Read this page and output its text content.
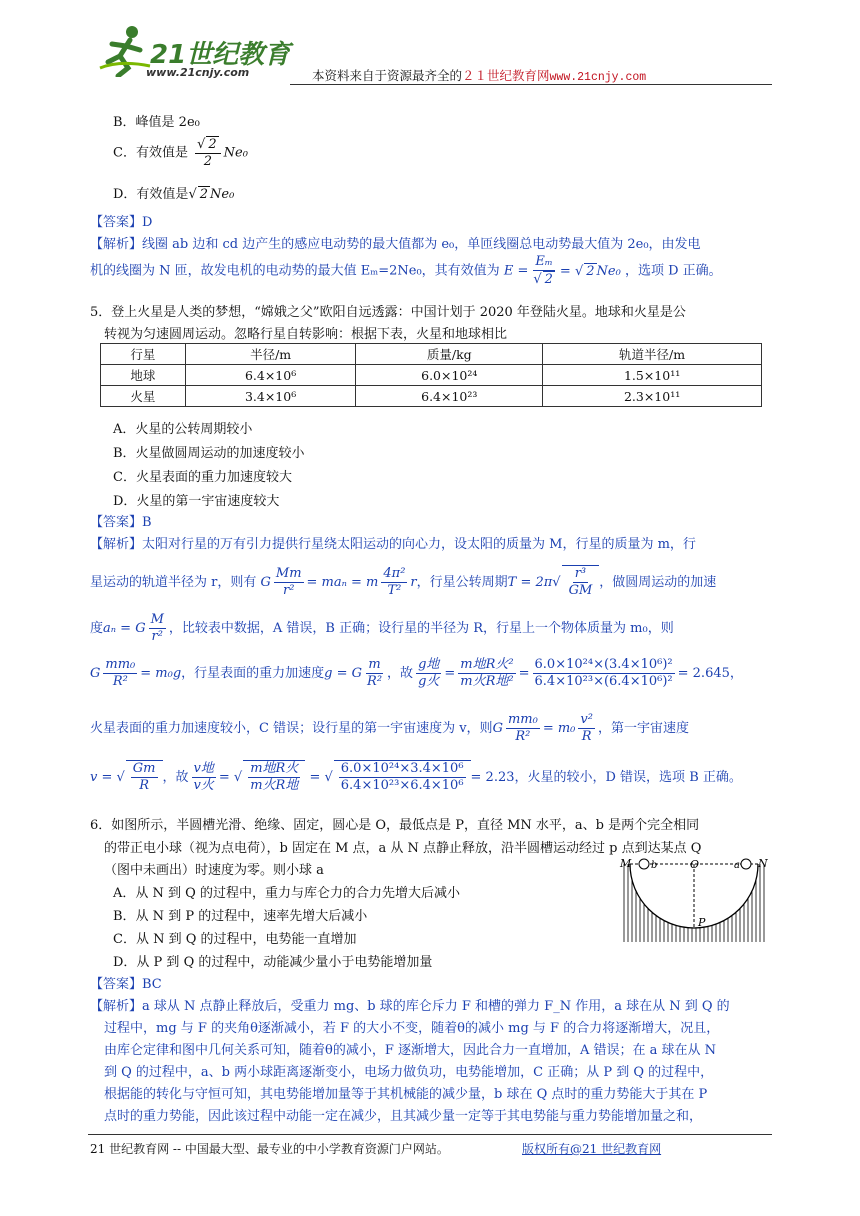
21世纪教育
www.21cnjy.com	本资料来自于资源最齐全的２１世纪教育网www.21cnjy.com
B．峰值是 2e₀
C．有效值是 $\frac{√ 2}{2} Ne_0$
D．有效值是√ 2 Ne₀
【答案】D
【解析】线圈 ab 边和 cd 边产生的感应电动势的最大值都为 e₀，单匝线圈总电动势最大值为 2e₀，由发电
机的线圈为 N 匝，故发电机的电动势的最大值 Eₘ=2Ne₀，其有效值为 $E = \frac{\text{Eₘ}}{√ 2}$ = √ 2 Ne₀ ，选项 D 正确。
5．登上火星是人类的梦想，“嫦娥之父”欧阳自远透露：中国计划于 2020 年登陆火星。地球和火星是公
转视为匀速圆周运动。忽略行星自转影响：根据下表，火星和地球相比
行星	半径/m	质量/kg	轨道半径/m
地球	6.4×10⁶	6.0×10²⁴	1.5×10¹¹
火星	3.4×10⁶	6.4×10²³	2.3×10¹¹
A．火星的公转周期较小
B．火星做圆周运动的加速度较小
C．火星表面的重力加速度较大
D．火星的第一宇宙速度较大
【答案】B
【解析】太阳对行星的万有引力提供行星绕太阳运动的向心力，设太阳的质量为 M，行星的质量为 m，行
星运动的轨道半径为 r，则有 G $\frac{Mm}{\text{r²}} = ma_n = m \frac{\text{4π²}}{\text{T²}}$ r，行星公转周期$T = 2\pi√ \frac{\text{r³}}{GM}$ ，做圆周运动的加速
度aₙ = G $\frac{M}{\text{r²}}$ ，比较表中数据，A 错误，B 正确；设行星的半径为 R，行星上一个物体质量为 m₀，则
G $\frac{\text{mm₀}}{\text{R²}} = m_0g$，行星表面的重力加速度g = G $\frac{m}{\text{R²}}$ ，故 $\frac{\text{g地}}{\text{g火}} = \frac{\text{m地R火²}}{\text{m火R地²}} = \frac{\text{6.0×10²⁴×(3.4×10⁶)²}}{\text{6.4×10²³×(6.4×10⁶)²}} = 2.645$，
火星表面的重力加速度较小，C 错误；设行星的第一宇宙速度为 v，则G $\frac{\text{mm₀}}{\text{R²}} = m_0 \frac{\text{v²}}{R}$ ，第一宇宙速度
v = √ $\frac{Gm}{R}$ ，故 $\frac{\text{v地}}{\text{v火}}$ = √ $\frac{\text{m地R火}}{\text{m火R地}}$ = √ $\frac{\text{6.0×10²⁴×3.4×10⁶}}{\text{6.4×10²³×6.4×10⁶}} = 2.23$，火星的较小，D 错误，选项 B 正确。
6．如图所示，半圆槽光滑、绝缘、固定，圆心是 O，最低点是 P，直径 MN 水平，a、b 是两个完全相同
的带正电小球（视为点电荷），b 固定在 M 点，a 从 N 点静止释放，沿半圆槽运动经过 p 点到达某点 Q
（图中未画出）时速度为零。则小球 a
A．从 N 到 Q 的过程中，重力与库仑力的合力先增大后减小
B．从 N 到 P 的过程中，速率先增大后减小
C．从 N 到 Q 的过程中，电势能一直增加
D．从 P 到 Q 的过程中，动能减少量小于电势能增加量
M b	O	a N
P
【答案】BC
【解析】a 球从 N 点静止释放后，受重力 mg、b 球的库仑斥力 F 和槽的弹力 F_N 作用，a 球在从 N 到 Q 的
过程中，mg 与 F 的夹角θ逐渐减小，若 F 的大小不变，随着θ的减小 mg 与 F 的合力将逐渐增大，况且，
由库仑定律和图中几何关系可知，随着θ的减小，F 逐渐增大，因此合力一直增加，A 错误；在 a 球在从 N
到 Q 的过程中，a、b 两小球距离逐渐变小，电场力做负功，电势能增加，C 正确；从 P 到 Q 的过程中，
根据能的转化与守恒可知，其电势能增加量等于其机械能的减少量，b 球在 Q 点时的重力势能大于其在 P
点时的重力势能，因此该过程中动能一定在减少，且其减少量一定等于其电势能与重力势能增加量之和，
21 世纪教育网 -- 中国最大型、最专业的中小学教育资源门户网站。	版权所有@21 世纪教育网
